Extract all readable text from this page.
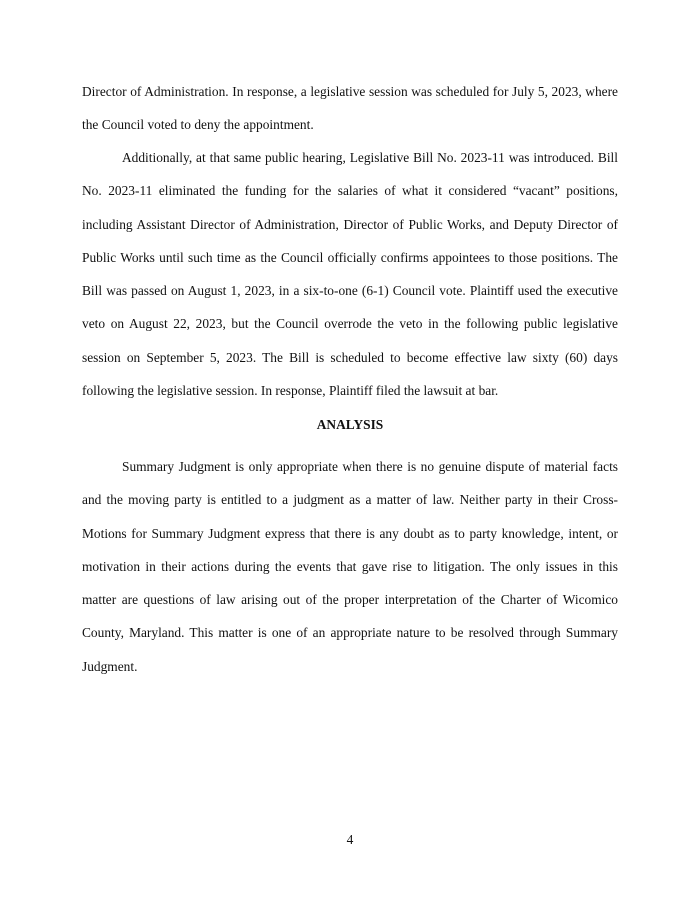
Director of Administration. In response, a legislative session was scheduled for July 5, 2023, where the Council voted to deny the appointment.

Additionally, at that same public hearing, Legislative Bill No. 2023-11 was introduced. Bill No. 2023-11 eliminated the funding for the salaries of what it considered “vacant” positions, including Assistant Director of Administration, Director of Public Works, and Deputy Director of Public Works until such time as the Council officially confirms appointees to those positions. The Bill was passed on August 1, 2023, in a six-to-one (6-1) Council vote. Plaintiff used the executive veto on August 22, 2023, but the Council overrode the veto in the following public legislative session on September 5, 2023. The Bill is scheduled to become effective law sixty (60) days following the legislative session. In response, Plaintiff filed the lawsuit at bar.

ANALYSIS

Summary Judgment is only appropriate when there is no genuine dispute of material facts and the moving party is entitled to a judgment as a matter of law. Neither party in their Cross-Motions for Summary Judgment express that there is any doubt as to party knowledge, intent, or motivation in their actions during the events that gave rise to litigation. The only issues in this matter are questions of law arising out of the proper interpretation of the Charter of Wicomico County, Maryland. This matter is one of an appropriate nature to be resolved through Summary Judgment.

4
